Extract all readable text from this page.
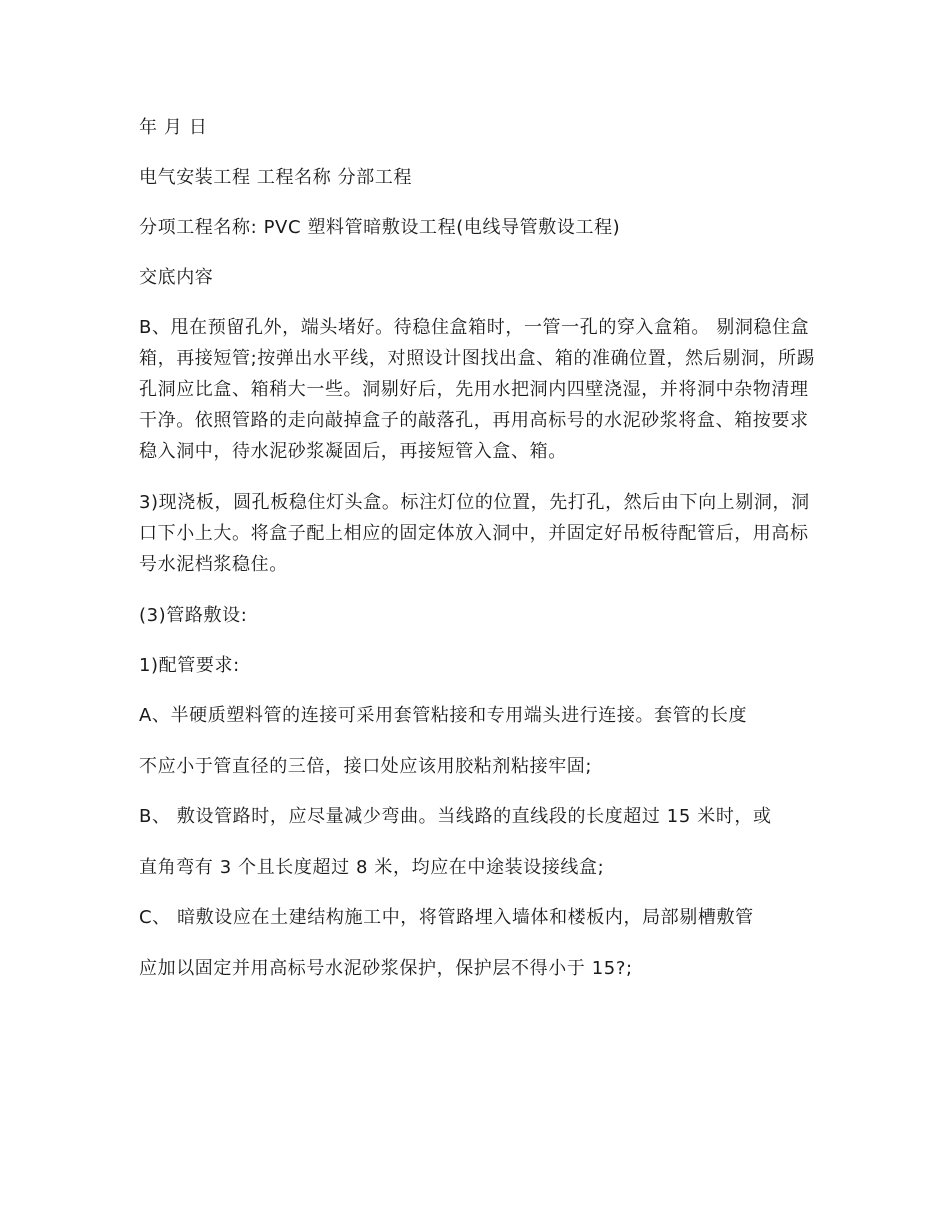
年 月 日

电气安装工程 工程名称 分部工程

分项工程名称: PVC 塑料管暗敷设工程(电线导管敷设工程)

交底内容

B、甩在预留孔外，端头堵好。待稳住盒箱时，一管一孔的穿入盒箱。 剔洞稳住盒箱，再接短管;按弹出水平线，对照设计图找出盒、箱的准确位置，然后剔洞，所踢孔洞应比盒、箱稍大一些。洞剔好后，先用水把洞内四壁浇湿，并将洞中杂物清理干净。依照管路的走向敲掉盒子的敲落孔，再用高标号的水泥砂浆将盒、箱按要求稳入洞中，待水泥砂浆凝固后，再接短管入盒、箱。

3)现浇板，圆孔板稳住灯头盒。标注灯位的位置，先打孔，然后由下向上剔洞，洞口下小上大。将盒子配上相应的固定体放入洞中，并固定好吊板待配管后，用高标号水泥档浆稳住。

(3)管路敷设:

1)配管要求:

A、半硬质塑料管的连接可采用套管粘接和专用端头进行连接。套管的长度

不应小于管直径的三倍，接口处应该用胶粘剂粘接牢固;

B、 敷设管路时，应尽量减少弯曲。当线路的直线段的长度超过 15 米时，或

直角弯有 3 个且长度超过 8 米，均应在中途装设接线盒;

C、 暗敷设应在土建结构施工中，将管路埋入墙体和楼板内，局部剔槽敷管

应加以固定并用高标号水泥砂浆保护，保护层不得小于 15?;
